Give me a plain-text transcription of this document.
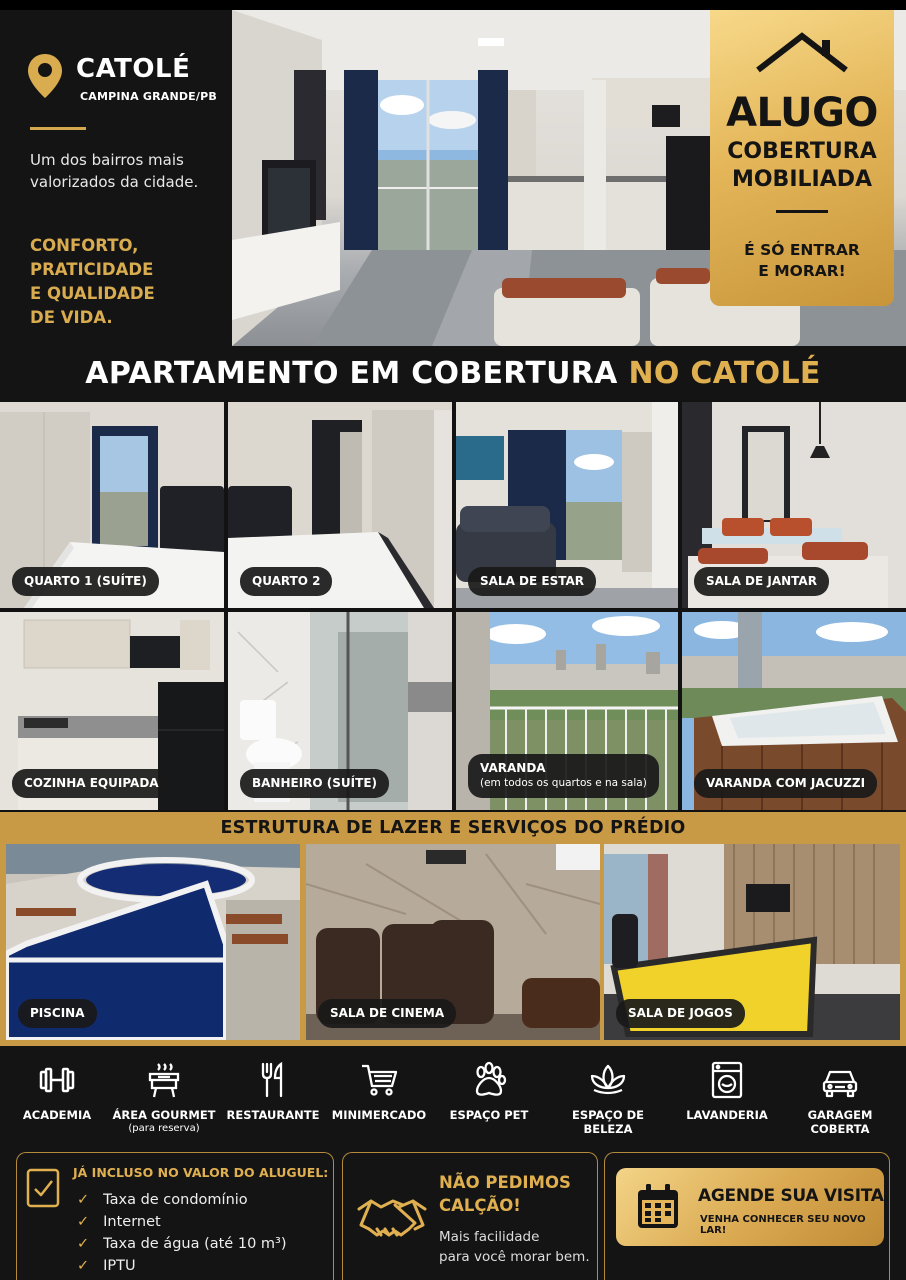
CATOLÉ
CAMPINA GRANDE/PB
Um dos bairros mais valorizados da cidade.
CONFORTO,
PRATICIDADE
E QUALIDADE
DE VIDA.
ALUGO
COBERTURA
MOBILIADA
É SÓ ENTRAR
E MORAR!
APARTAMENTO EM COBERTURA NO CATOLÉ
QUARTO 1 (SUÍTE)	QUARTO 2	SALA DE ESTAR	SALA DE JANTAR
COZINHA EQUIPADA	BANHEIRO (SUÍTE)
VARANDA
(em todos os quartos e na sala)	VARANDA COM JACUZZI
ESTRUTURA DE LAZER E SERVIÇOS DO PRÉDIO
PISCINA	SALA DE CINEMA	SALA DE JOGOS
ACADEMIA	ÁREA GOURMET
(para reserva)
RESTAURANTE	MINIMERCADO	ESPAÇO PET	ESPAÇO DE BELEZA
LAVANDERIA	GARAGEM COBERTA
JÁ INCLUSO NO VALOR DO ALUGUEL:
✓ Taxa de condomínio
✓ Internet
✓ Taxa de água (até 10 m³)
✓ IPTU
NÃO PEDIMOS
CALÇÃO!
Mais facilidade
para você morar bem.
AGENDE SUA VISITA
VENHA CONHECER SEU NOVO LAR!
